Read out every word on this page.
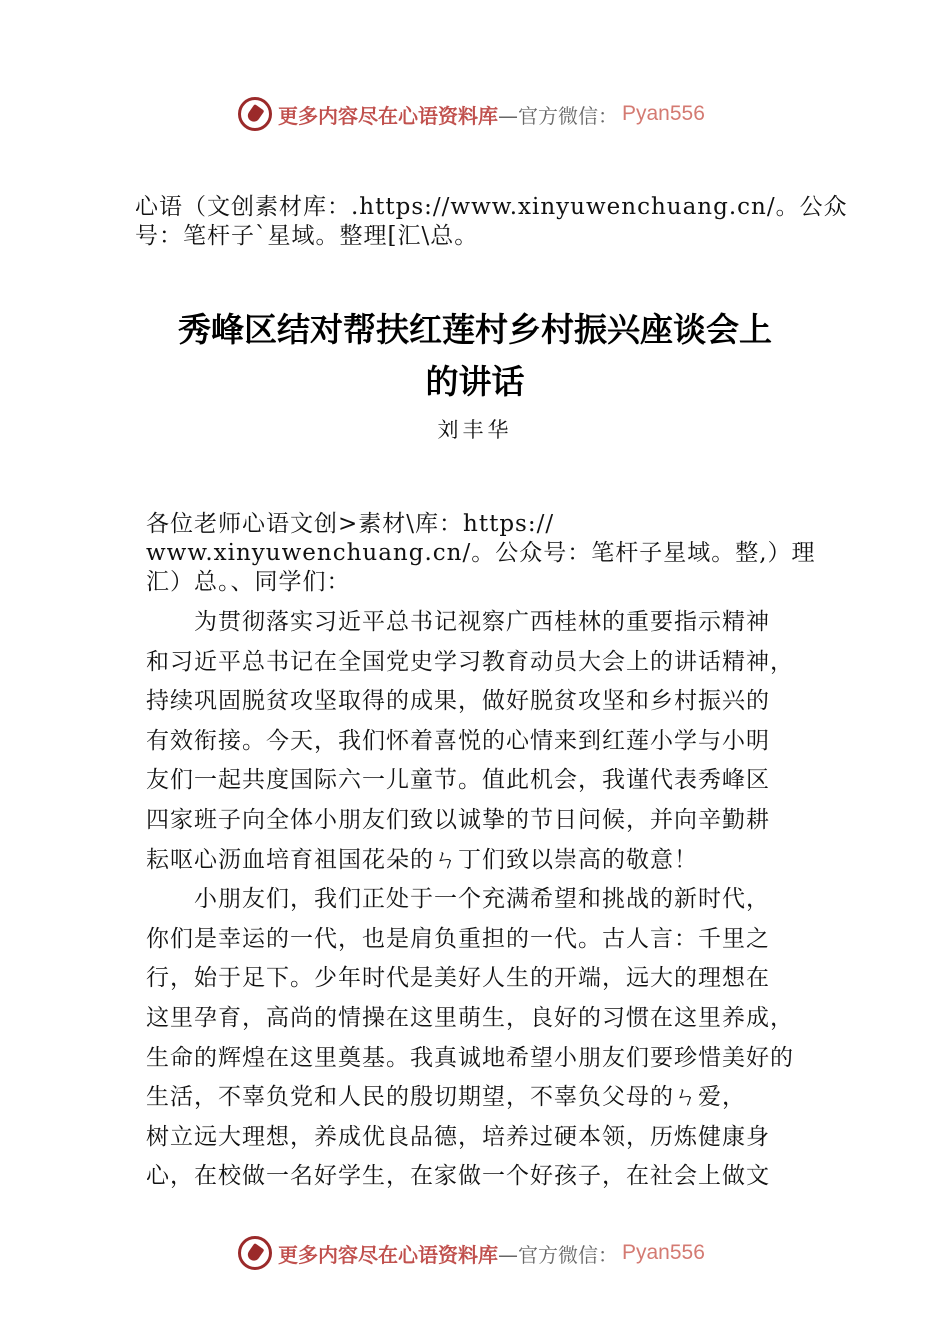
更多内容尽在心语资料库 —官方微信： Pyan556
心语（文创素材库：.https://www.xinyuwenchuang.cn/。公众
号：笔杆子`星域。整理[汇\总。
秀峰区结对帮扶红莲村乡村振兴座谈会上
的讲话
刘丰华
各位老师心语文创>素材\库：https://
www.xinyuwenchuang.cn/。公众号：笔杆子星域。整,）理
汇）总。、同学们：
　　为贯彻落实习近平总书记视察广西桂林的重要指示精神
和习近平总书记在全国党史学习教育动员大会上的讲话精神，
持续巩固脱贫攻坚取得的成果，做好脱贫攻坚和乡村振兴的
有效衔接。今天，我们怀着喜悦的心情来到红莲小学与小明
友们一起共度国际六一儿童节。值此机会，我谨代表秀峰区
四家班子向全体小朋友们致以诚挚的节日问候，并向辛勤耕
耘呕心沥血培育祖国花朵的ㄣ丁们致以崇高的敬意！
　　小朋友们，我们正处于一个充满希望和挑战的新时代，
你们是幸运的一代，也是肩负重担的一代。古人言：千里之
行，始于足下。少年时代是美好人生的开端，远大的理想在
这里孕育，高尚的情操在这里萌生，良好的习惯在这里养成，
生命的辉煌在这里奠基。我真诚地希望小朋友们要珍惜美好的
生活，不辜负党和人民的殷切期望，不辜负父母的ㄣ爱，
树立远大理想，养成优良品德，培养过硬本领，历炼健康身
心，在校做一名好学生，在家做一个好孩子，在社会上做文
更多内容尽在心语资料库 —官方微信： Pyan556
